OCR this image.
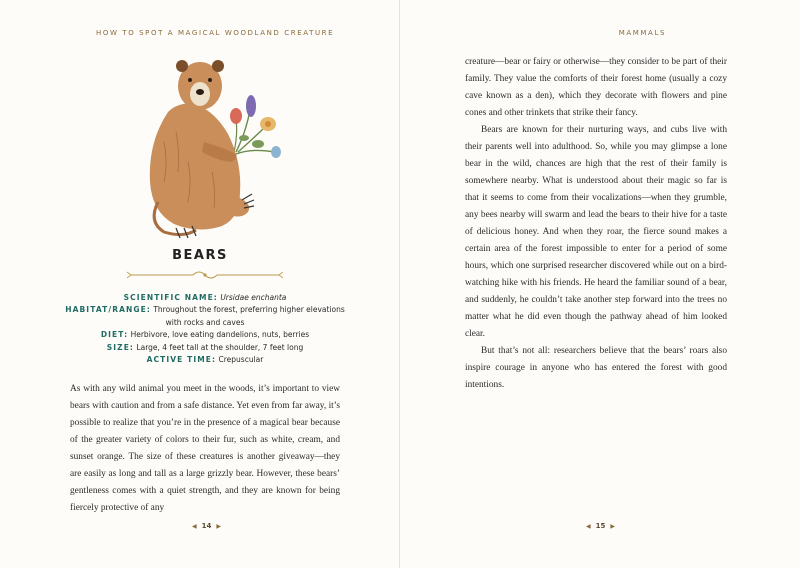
HOW TO SPOT A MAGICAL WOODLAND CREATURE
BEARS
SCIENTIFIC NAME: Ursidae enchanta
HABITAT/RANGE: Throughout the forest, preferring higher elevations with rocks and caves
DIET: Herbivore, love eating dandelions, nuts, berries
SIZE: Large, 4 feet tall at the shoulder, 7 feet long
ACTIVE TIME: Crepuscular

As with any wild animal you meet in the woods, it’s important to view bears with caution and from a safe distance. Yet even from far away, it’s possible to realize that you’re in the presence of a magical bear because of the greater variety of colors to their fur, such as white, cream, and sunset orange. The size of these creatures is another giveaway—they are easily as long and tall as a large grizzly bear. However, these bears’ gentleness comes with a quiet strength, and they are known for being fiercely protective of any

◀ 14 ▶
MAMMALS

creature—bear or fairy or otherwise—they consider to be part of their family. They value the comforts of their forest home (usually a cozy cave known as a den), which they decorate with flowers and pine cones and other trinkets that strike their fancy.

Bears are known for their nurturing ways, and cubs live with their parents well into adulthood. So, while you may glimpse a lone bear in the wild, chances are high that the rest of their family is somewhere nearby. What is understood about their magic so far is that it seems to come from their vocalizations—when they grumble, any bees nearby will swarm and lead the bears to their hive for a taste of delicious honey. And when they roar, the fierce sound makes a certain area of the forest impossible to enter for a period of some hours, which one surprised researcher discovered while out on a bird-watching hike with his friends. He heard the familiar sound of a bear, and suddenly, he couldn’t take another step forward into the trees no matter what he did even though the pathway ahead of him looked clear.

But that’s not all: researchers believe that the bears’ roars also inspire courage in anyone who has entered the forest with good intentions.

◀ 15 ▶
